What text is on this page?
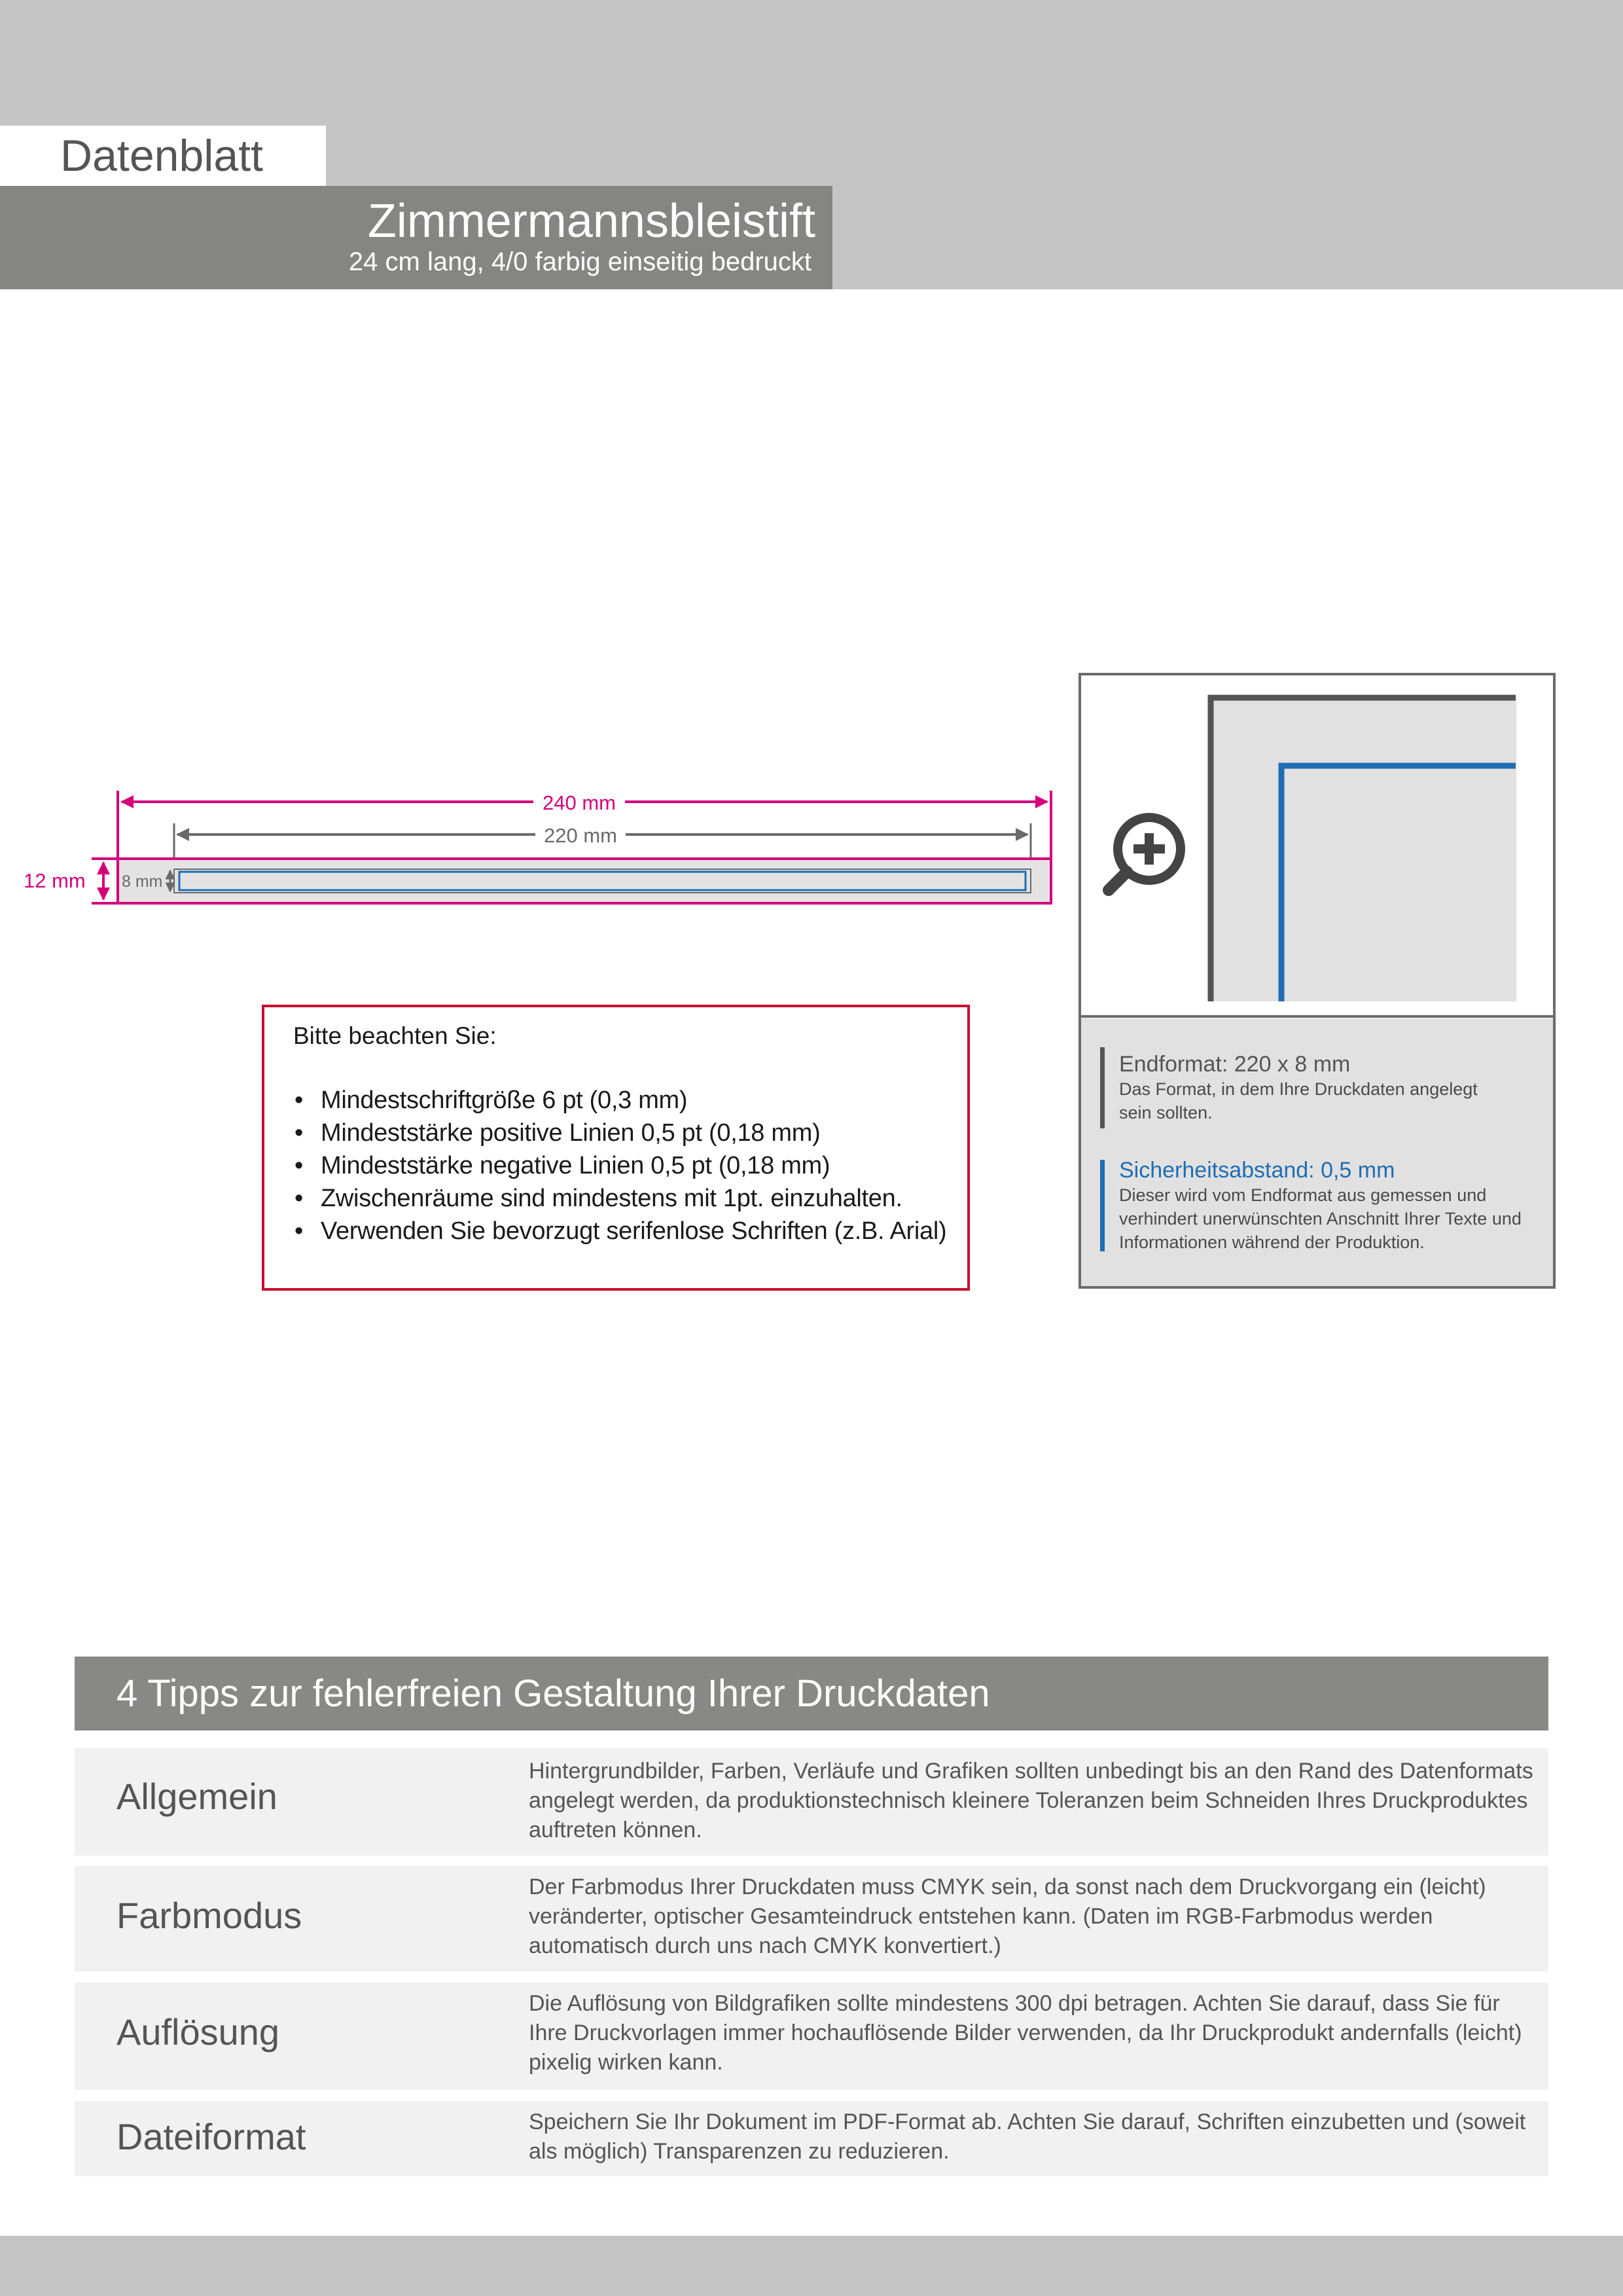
Datenblatt
Zimmermannsbleistift
24 cm lang, 4/0 farbig einseitig bedruckt
240 mm
220 mm
12 mm 8 mm
Bitte beachten Sie:
• Mindestschriftgröße 6 pt (0,3 mm)
• Mindeststärke positive Linien 0,5 pt (0,18 mm)
• Mindeststärke negative Linien 0,5 pt (0,18 mm)
• Zwischenräume sind mindestens mit 1pt. einzuhalten.
• Verwenden Sie bevorzugt serifenlose Schriften (z.B. Arial)
Endformat: 220 x 8 mm
Das Format, in dem Ihre Druckdaten angelegt sein sollten.
Sicherheitsabstand: 0,5 mm
Dieser wird vom Endformat aus gemessen und verhindert unerwünschten Anschnitt Ihrer Texte und Informationen während der Produktion.
4 Tipps zur fehlerfreien Gestaltung Ihrer Druckdaten
Allgemein
Hintergrundbilder, Farben, Verläufe und Grafiken sollten unbedingt bis an den Rand des Datenformats angelegt werden, da produktionstechnisch kleinere Toleranzen beim Schneiden Ihres Druckproduktes auftreten können.
Farbmodus
Der Farbmodus Ihrer Druckdaten muss CMYK sein, da sonst nach dem Druckvorgang ein (leicht) veränderter, optischer Gesamteindruck entstehen kann. (Daten im RGB-Farbmodus werden automatisch durch uns nach CMYK konvertiert.)
Auflösung
Die Auflösung von Bildgrafiken sollte mindestens 300 dpi betragen. Achten Sie darauf, dass Sie für Ihre Druckvorlagen immer hochauflösende Bilder verwenden, da Ihr Druckprodukt andernfalls (leicht) pixelig wirken kann.
Dateiformat	Speichern Sie Ihr Dokument im PDF-Format ab. Achten Sie darauf, Schriften einzubetten und (soweit als möglich) Transparenzen zu reduzieren.
